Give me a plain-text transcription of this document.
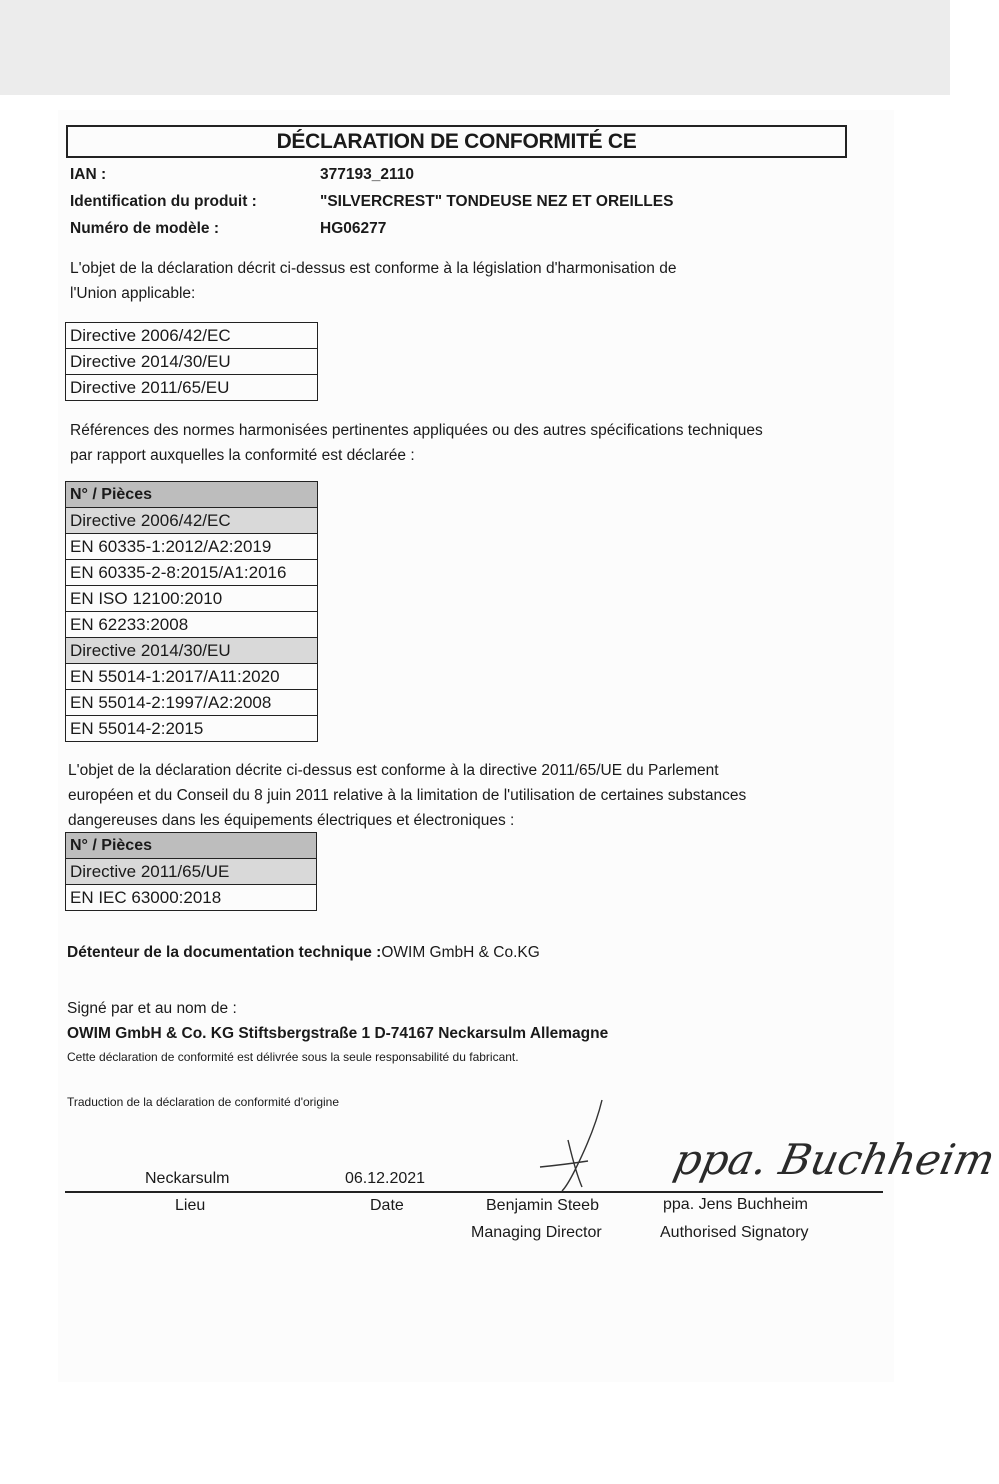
DÉCLARATION DE CONFORMITÉ CE
IAN :	377193_2110
Identification du produit :	"SILVERCREST" TONDEUSE NEZ ET OREILLES
Numéro de modèle :	HG06277
L'objet de la déclaration décrit ci-dessus est conforme à la législation d'harmonisation de
l'Union applicable:
Directive 2006/42/EC
Directive 2014/30/EU
Directive 2011/65/EU
Références des normes harmonisées pertinentes appliquées ou des autres spécifications techniques
par rapport auxquelles la conformité est déclarée :
N° / Pièces
Directive 2006/42/EC
EN 60335-1:2012/A2:2019
EN 60335-2-8:2015/A1:2016
EN ISO 12100:2010
EN 62233:2008
Directive 2014/30/EU
EN 55014-1:2017/A11:2020
EN 55014-2:1997/A2:2008
EN 55014-2:2015
L'objet de la déclaration décrite ci-dessus est conforme à la directive 2011/65/UE du Parlement
européen et du Conseil du 8 juin 2011 relative à la limitation de l'utilisation de certaines substances
dangereuses dans les équipements électriques et électroniques :
N° / Pièces
Directive 2011/65/UE
EN IEC 63000:2018
Détenteur de la documentation technique :OWIM GmbH & Co.KG
Signé par et au nom de :
OWIM GmbH & Co. KG Stiftsbergstraße 1 D-74167 Neckarsulm Allemagne
Cette déclaration de conformité est délivrée sous la seule responsabilité du fabricant.
Traduction de la déclaration de conformité d'origine
ppa. Buchheim
Neckarsulm	06.12.2021
Lieu	Date	Benjamin Steeb
Managing Director
ppa. Jens Buchheim
Authorised Signatory
